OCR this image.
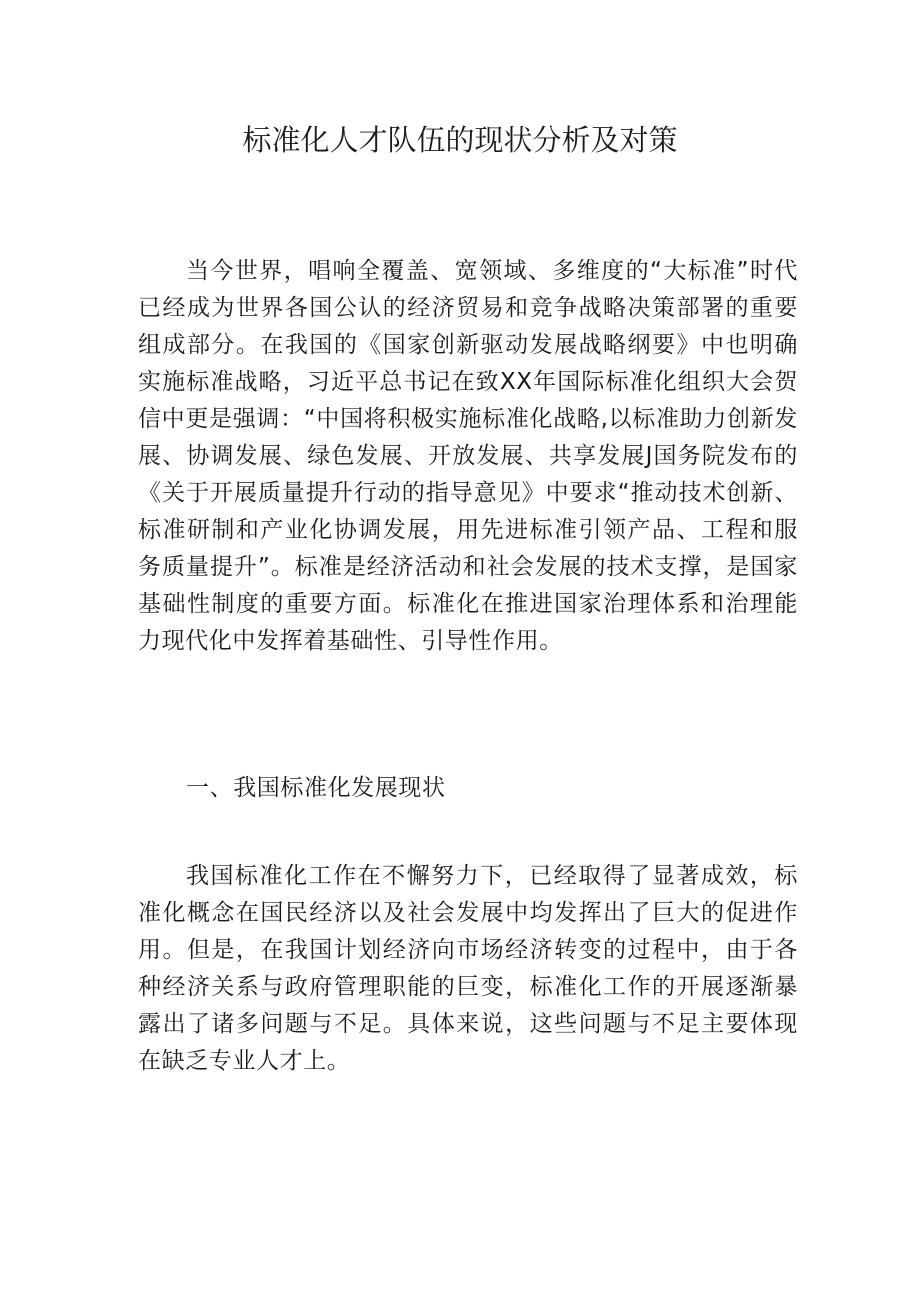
标准化人才队伍的现状分析及对策

当今世界，唱响全覆盖、宽领域、多维度的“大标准”时代已经成为世界各国公认的经济贸易和竞争战略决策部署的重要组成部分。在我国的《国家创新驱动发展战略纲要》中也明确实施标准战略，习近平总书记在致XX年国际标准化组织大会贺信中更是强调：“中国将积极实施标准化战略,以标准助力创新发展、协调发展、绿色发展、开放发展、共享发展J国务院发布的《关于开展质量提升行动的指导意见》中要求“推动技术创新、标准研制和产业化协调发展，用先进标准引领产品、工程和服务质量提升”。标准是经济活动和社会发展的技术支撑，是国家基础性制度的重要方面。标准化在推进国家治理体系和治理能力现代化中发挥着基础性、引导性作用。

一、我国标准化发展现状

我国标准化工作在不懈努力下，已经取得了显著成效，标准化概念在国民经济以及社会发展中均发挥出了巨大的促进作用。但是，在我国计划经济向市场经济转变的过程中，由于各种经济关系与政府管理职能的巨变，标准化工作的开展逐渐暴露出了诸多问题与不足。具体来说，这些问题与不足主要体现在缺乏专业人才上。
